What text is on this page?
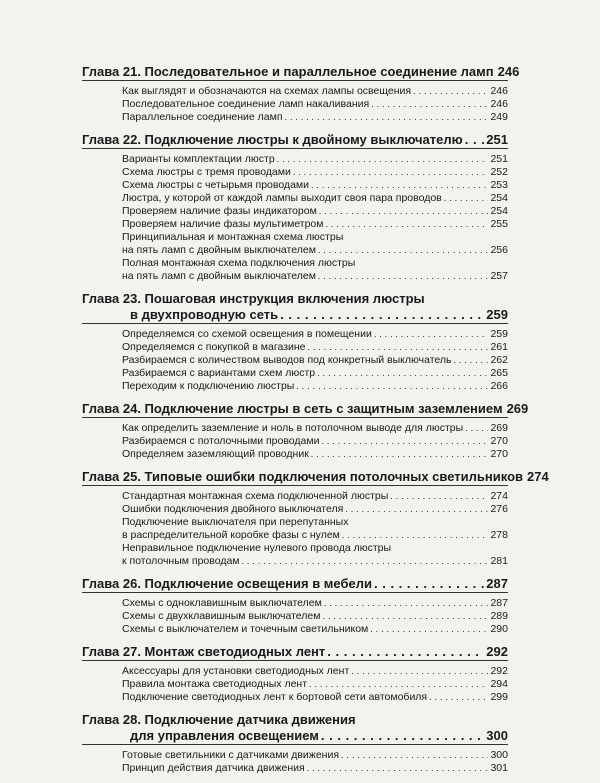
Глава 21. Последовательное и параллельное соединение ламп 246
Как выглядят и обозначаются на схемах лампы освещения . . .	246
Последовательное соединение ламп накаливания . . .	246
Параллельное соединение ламп . . .	249
Глава 22. Подключение люстры к двойному выключателю . . . 251
Варианты комплектации люстр . . .	251
Схема люстры с тремя проводами . . .	252
Схема люстры с четырьмя проводами . . .	253
Люстра, у которой от каждой лампы выходит своя пара проводов . . .	254
Проверяем наличие фазы индикатором . . .	254
Проверяем наличие фазы мультиметром . . .	255
Принципиальная и монтажная схема люстры
на пять ламп с двойным выключателем . . .	256
Полная монтажная схема подключения люстры
на пять ламп с двойным выключателем . . .	257
Глава 23. Пошаговая инструкция включения люстры
в двухпроводную сеть . . .	259
Определяемся со схемой освещения в помещении . . .	259
Определяемся с покупкой в магазине . . .	261
Разбираемся с количеством выводов под конкретный выключатель . . .	262
Разбираемся с вариантами схем люстр . . .	265
Переходим к подключению люстры . . .	266
Глава 24. Подключение люстры в сеть с защитным заземлением 269
Как определить заземление и ноль в потолочном выводе для люстры . . .	269
Разбираемся с потолочными проводами . . .	270
Определяем заземляющий проводник . . .	270
Глава 25. Типовые ошибки подключения потолочных светильников 274
Стандартная монтажная схема подключенной люстры . . .	274
Ошибки подключения двойного выключателя . . .	276
Подключение выключателя при перепутанных
в распределительной коробке фазы с нулем . . .	278
Неправильное подключение нулевого провода люстры
к потолочным проводам . . .	281
Глава 26. Подключение освещения в мебели . . .	287
Схемы с одноклавишным выключателем . . .	287
Схемы с двухклавишным выключателем . . .	289
Схемы с выключателем и точечным светильником . . .	290
Глава 27. Монтаж светодиодных лент . . .	292
Аксессуары для установки светодиодных лент . . .	292
Правила монтажа светодиодных лент . . .	294
Подключение светодиодных лент к бортовой сети автомобиля . . .	299
Глава 28. Подключение датчика движения
для управления освещением . . .	300
Готовые светильники с датчиками движения . . .	300
Принцип действия датчика движения . . .	301
